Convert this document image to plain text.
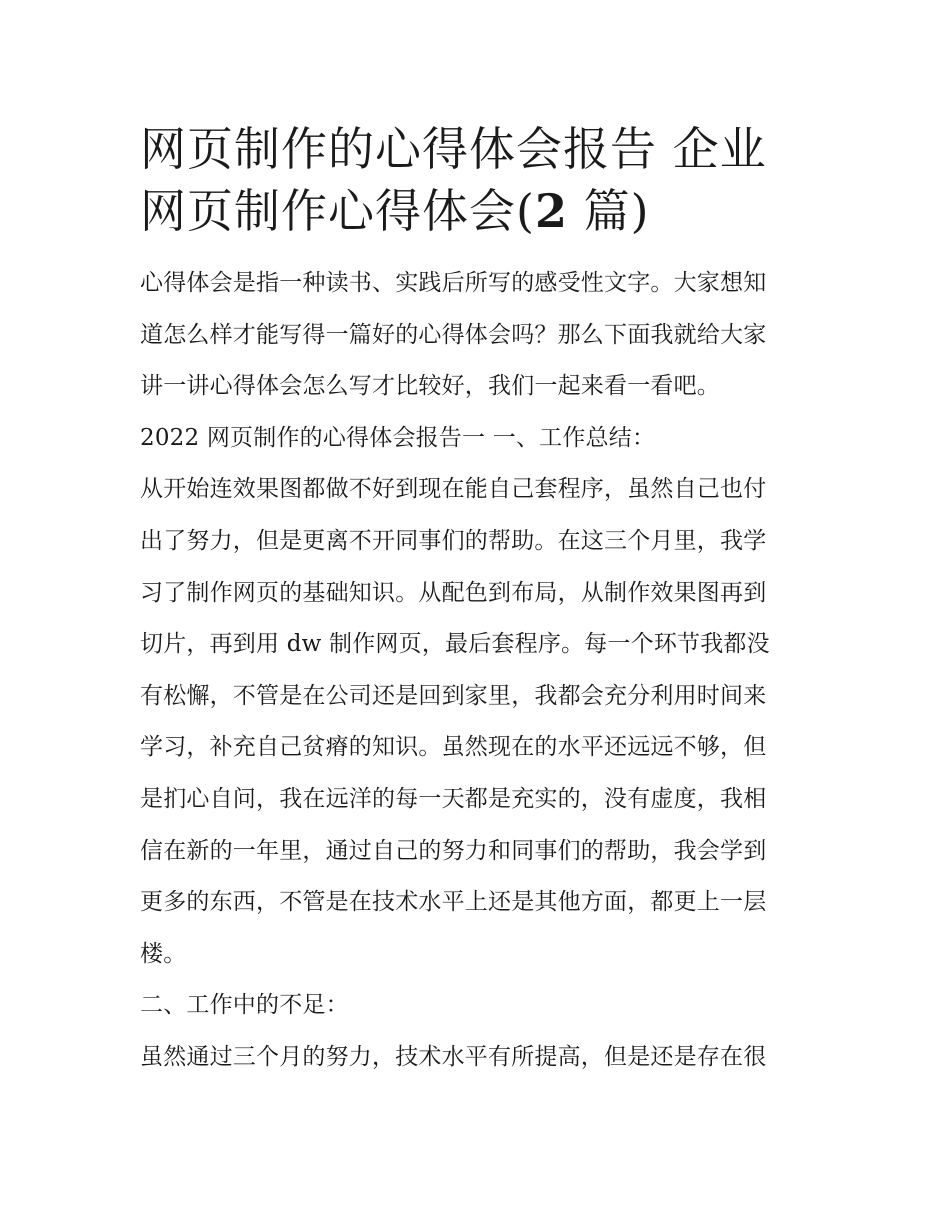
网页制作的心得体会报告 企业
网页制作心得体会(2 篇)
心得体会是指一种读书、实践后所写的感受性文字。大家想知
道怎么样才能写得一篇好的心得体会吗？那么下面我就给大家
讲一讲心得体会怎么写才比较好，我们一起来看一看吧。
2022 网页制作的心得体会报告一 一、工作总结：
从开始连效果图都做不好到现在能自己套程序，虽然自己也付
出了努力，但是更离不开同事们的帮助。在这三个月里，我学
习了制作网页的基础知识。从配色到布局，从制作效果图再到
切片，再到用 dw 制作网页，最后套程序。每一个环节我都没
有松懈，不管是在公司还是回到家里，我都会充分利用时间来
学习，补充自己贫瘠的知识。虽然现在的水平还远远不够，但
是扪心自问，我在远洋的每一天都是充实的，没有虚度，我相
信在新的一年里，通过自己的努力和同事们的帮助，我会学到
更多的东西，不管是在技术水平上还是其他方面，都更上一层
楼。
二、工作中的不足：
虽然通过三个月的努力，技术水平有所提高，但是还是存在很
